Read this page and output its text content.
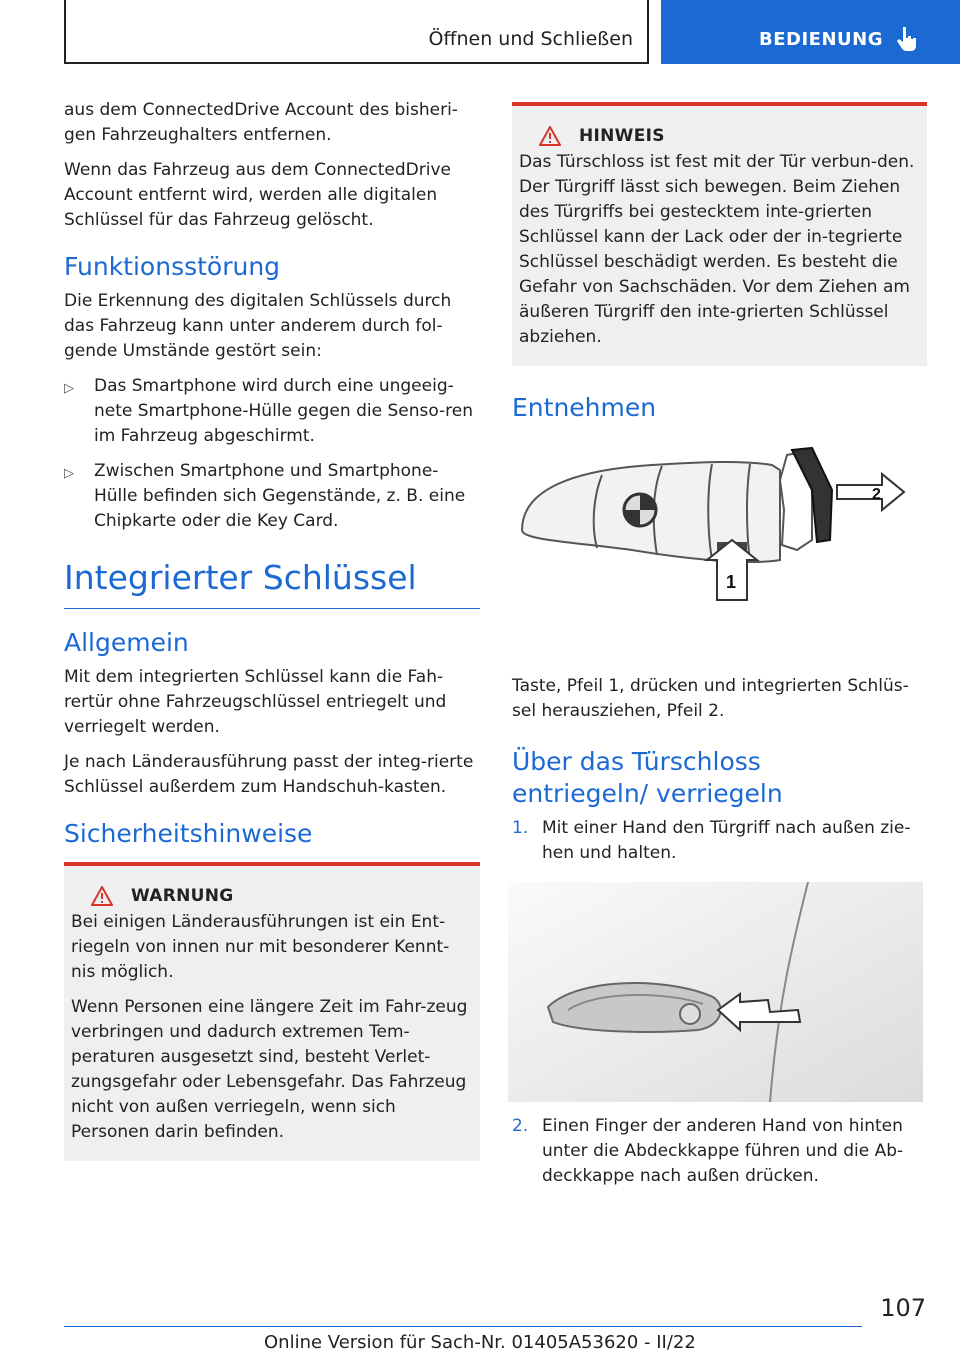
Öffnen und Schließen	BEDIENUNG

aus dem ConnectedDrive Account des bisheri-gen Fahrzeughalters entfernen.

Wenn das Fahrzeug aus dem ConnectedDrive Account entfernt wird, werden alle digitalen Schlüssel für das Fahrzeug gelöscht.

Funktionsstörung

Die Erkennung des digitalen Schlüssels durch das Fahrzeug kann unter anderem durch fol-gende Umstände gestört sein:

▷	Das Smartphone wird durch eine ungeeig-nete Smartphone-Hülle gegen die Senso-ren im Fahrzeug abgeschirmt.
▷	Zwischen Smartphone und Smartphone-Hülle befinden sich Gegenstände, z. B. eine Chipkarte oder die Key Card.
Integrierter Schlüssel
Allgemein

Mit dem integrierten Schlüssel kann die Fah-rertür ohne Fahrzeugschlüssel entriegelt und verriegelt werden.

Je nach Länderausführung passt der integ-rierte Schlüssel außerdem zum Handschuh-kasten.

Sicherheitshinweise
WARNUNG

Bei einigen Länderausführungen ist ein Ent-riegeln von innen nur mit besonderer Kennt-nis möglich.

Wenn Personen eine längere Zeit im Fahr-zeug verbringen und dadurch extremen Tem-peraturen ausgesetzt sind, besteht Verlet-zungsgefahr oder Lebensgefahr. Das Fahrzeug nicht von außen verriegeln, wenn sich Personen darin befinden.

HINWEIS

Das Türschloss ist fest mit der Tür verbun-den. Der Türgriff lässt sich bewegen. Beim Ziehen des Türgriffs bei gestecktem inte-grierten Schlüssel kann der Lack oder der in-tegrierte Schlüssel beschädigt werden. Es besteht die Gefahr von Sachschäden. Vor dem Ziehen am äußeren Türgriff den inte-grierten Schlüssel abziehen.

Entnehmen
2
1

Taste, Pfeil 1, drücken und integrierten Schlüs-sel herausziehen, Pfeil 2.

Über das Türschloss entriegeln/ verriegeln
1. Mit einer Hand den Türgriff nach außen zie-hen und halten.
2. Einen Finger der anderen Hand von hinten unter die Abdeckkappe führen und die Ab-deckkappe nach außen drücken.
107
Online Version für Sach-Nr. 01405A53620 - II/22
